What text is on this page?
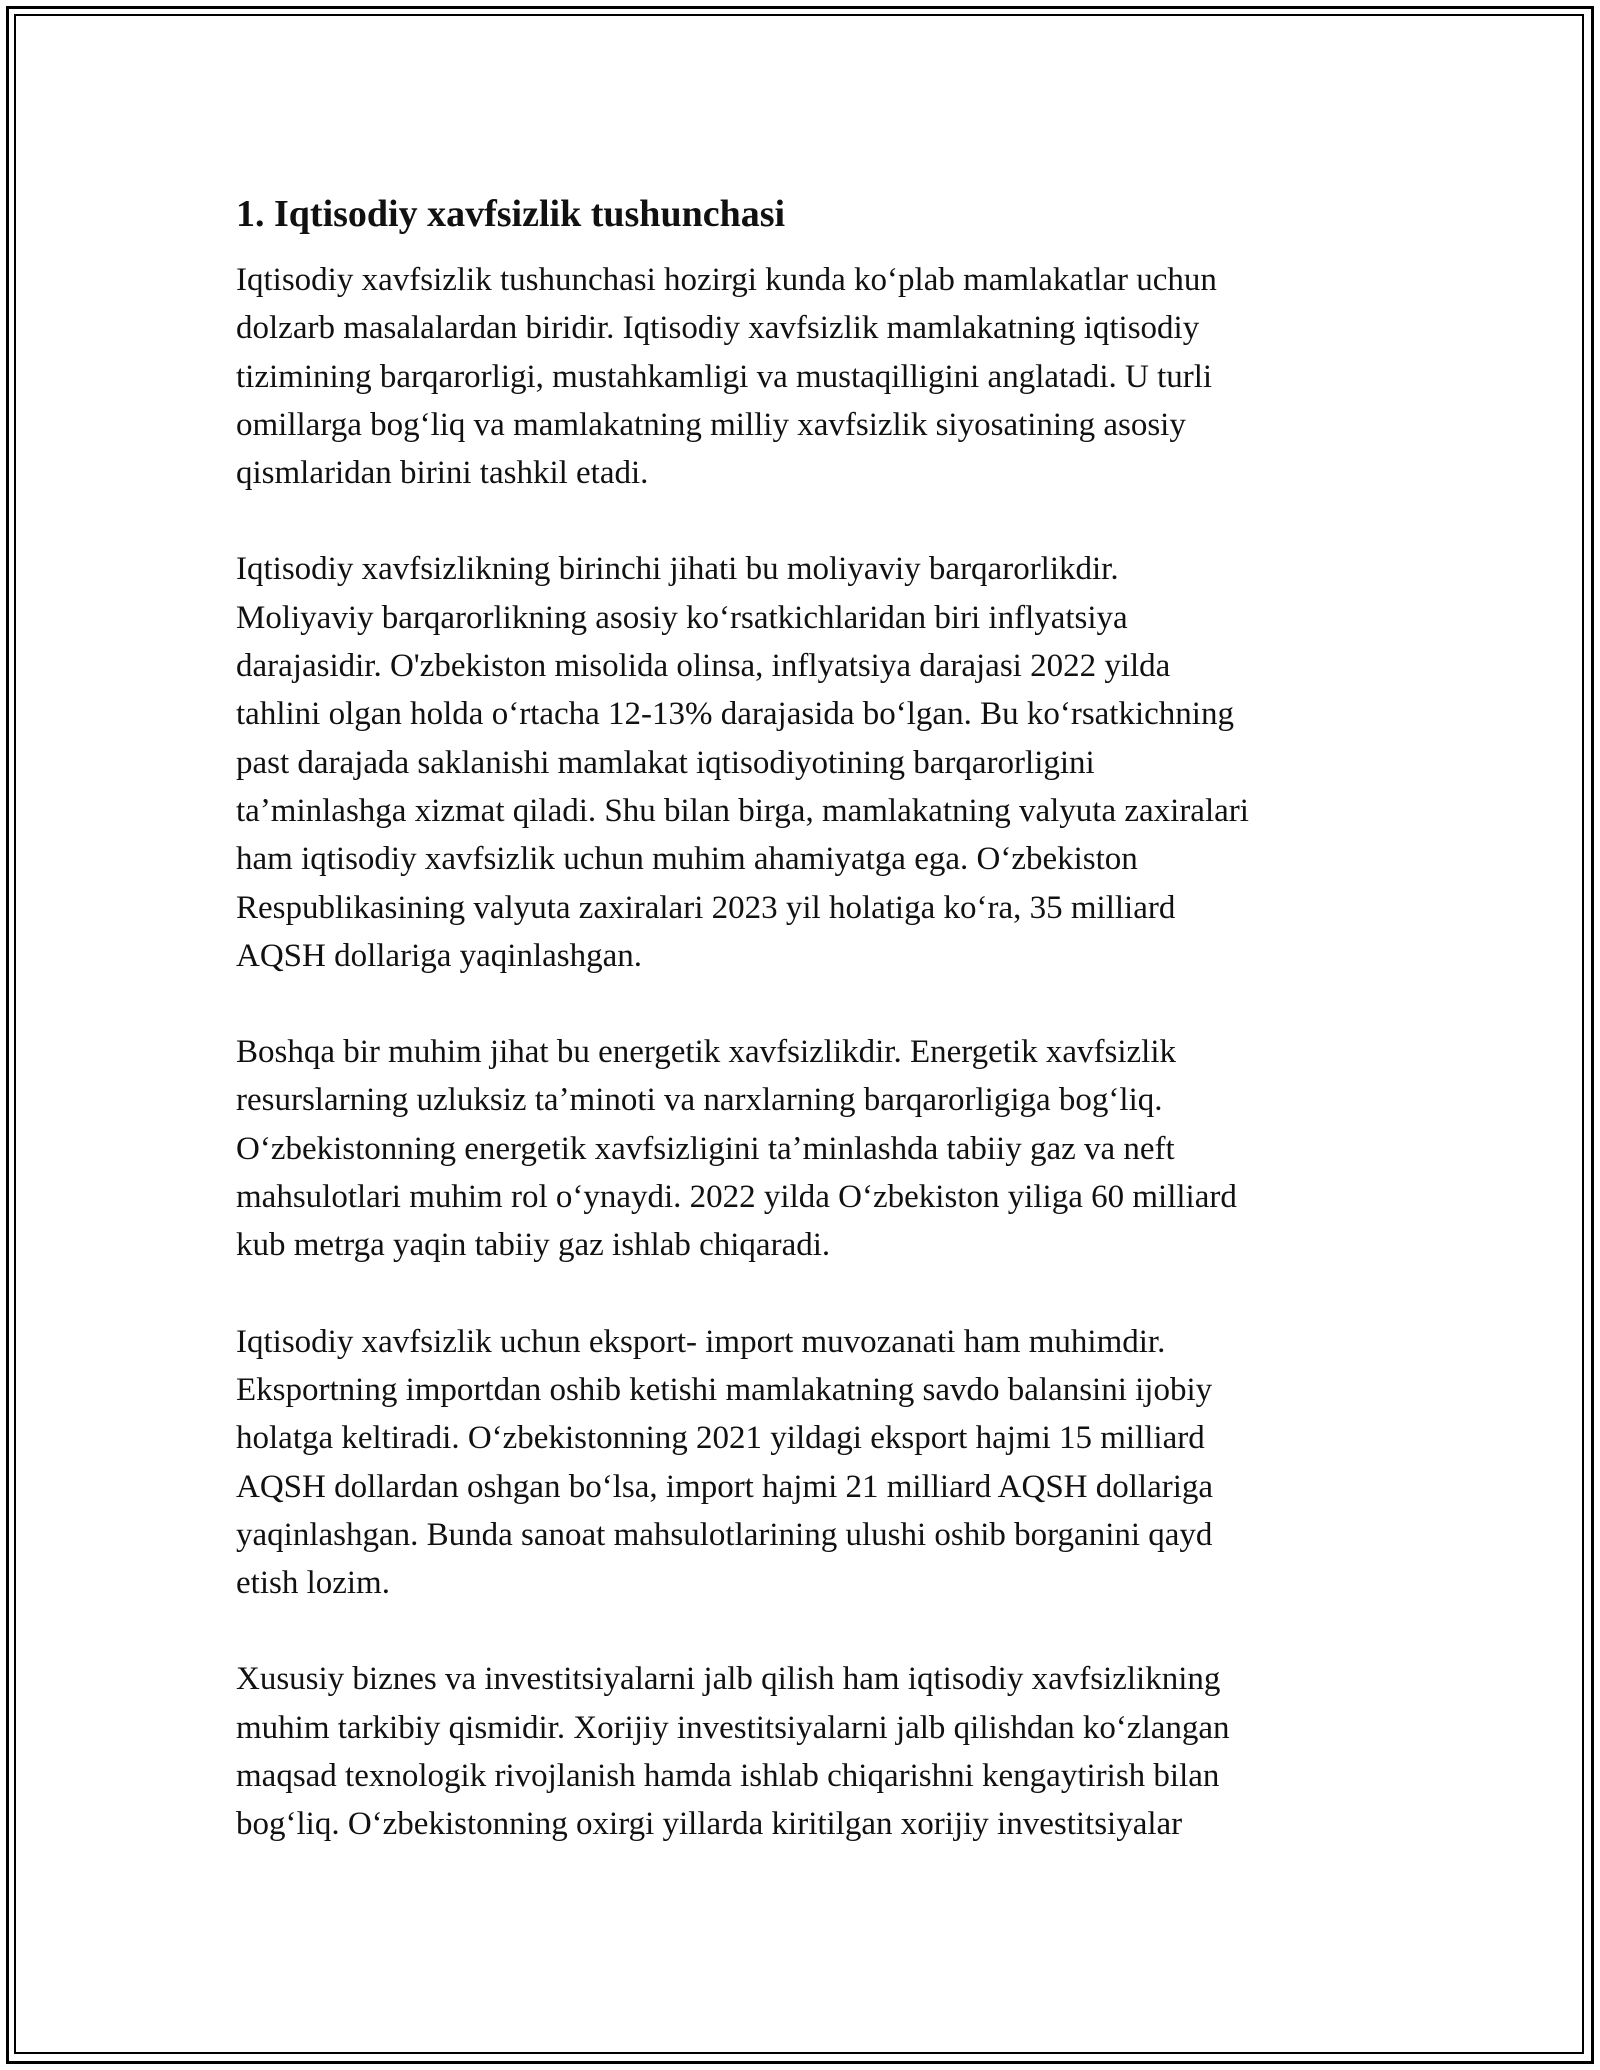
1. Iqtisodiy xavfsizlik tushunchasi
Iqtisodiy xavfsizlik tushunchasi hozirgi kunda koʻplab mamlakatlar uchun
dolzarb masalalardan biridir. Iqtisodiy xavfsizlik mamlakatning iqtisodiy
tizimining barqarorligi, mustahkamligi va mustaqilligini anglatadi. U turli
omillarga bogʻliq va mamlakatning milliy xavfsizlik siyosatining asosiy
qismlaridan birini tashkil etadi.
Iqtisodiy xavfsizlikning birinchi jihati bu moliyaviy barqarorlikdir.
Moliyaviy barqarorlikning asosiy koʻrsatkichlaridan biri inflyatsiya
darajasidir. O'zbekiston misolida olinsa, inflyatsiya darajasi 2022 yilda
tahlini olgan holda oʻrtacha 12-13% darajasida boʻlgan. Bu koʻrsatkichning
past darajada saklanishi mamlakat iqtisodiyotining barqarorligini
taʼminlashga xizmat qiladi. Shu bilan birga, mamlakatning valyuta zaxiralari
ham iqtisodiy xavfsizlik uchun muhim ahamiyatga ega. Oʻzbekiston
Respublikasining valyuta zaxiralari 2023 yil holatiga koʻra, 35 milliard
AQSH dollariga yaqinlashgan.
Boshqa bir muhim jihat bu energetik xavfsizlikdir. Energetik xavfsizlik
resurslarning uzluksiz taʼminoti va narxlarning barqarorligiga bogʻliq.
Oʻzbekistonning energetik xavfsizligini taʼminlashda tabiiy gaz va neft
mahsulotlari muhim rol oʻynaydi. 2022 yilda Oʻzbekiston yiliga 60 milliard
kub metrga yaqin tabiiy gaz ishlab chiqaradi.
Iqtisodiy xavfsizlik uchun eksport- import muvozanati ham muhimdir.
Eksportning importdan oshib ketishi mamlakatning savdo balansini ijobiy
holatga keltiradi. Oʻzbekistonning 2021 yildagi eksport hajmi 15 milliard
AQSH dollardan oshgan boʻlsa, import hajmi 21 milliard AQSH dollariga
yaqinlashgan. Bunda sanoat mahsulotlarining ulushi oshib borganini qayd
etish lozim.
Xususiy biznes va investitsiyalarni jalb qilish ham iqtisodiy xavfsizlikning
muhim tarkibiy qismidir. Xorijiy investitsiyalarni jalb qilishdan koʻzlangan
maqsad texnologik rivojlanish hamda ishlab chiqarishni kengaytirish bilan
bogʻliq. Oʻzbekistonning oxirgi yillarda kiritilgan xorijiy investitsiyalar
